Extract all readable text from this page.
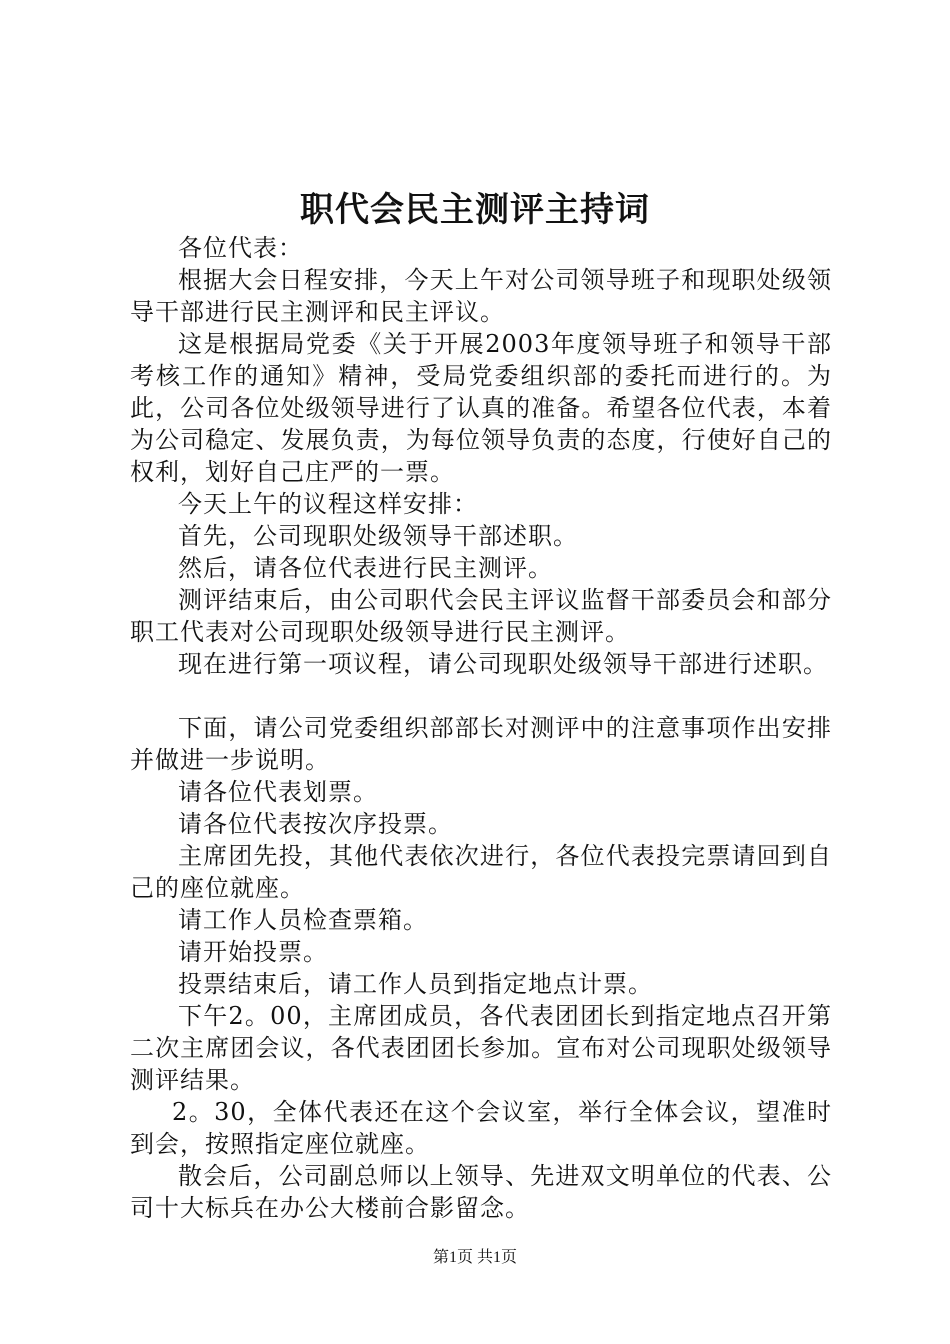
职代会民主测评主持词

各位代表：

根据大会日程安排，今天上午对公司领导班子和现职处级领导干部进行民主测评和民主评议。

这是根据局党委《关于开展2003年度领导班子和领导干部考核工作的通知》精神，受局党委组织部的委托而进行的。为此，公司各位处级领导进行了认真的准备。希望各位代表，本着为公司稳定、发展负责，为每位领导负责的态度，行使好自己的权利，划好自己庄严的一票。

今天上午的议程这样安排：

首先，公司现职处级领导干部述职。

然后，请各位代表进行民主测评。

测评结束后，由公司职代会民主评议监督干部委员会和部分职工代表对公司现职处级领导进行民主测评。

现在进行第一项议程，请公司现职处级领导干部进行述职。

下面，请公司党委组织部部长对测评中的注意事项作出安排并做进一步说明。

请各位代表划票。

请各位代表按次序投票。

主席团先投，其他代表依次进行，各位代表投完票请回到自己的座位就座。

请工作人员检查票箱。

请开始投票。

投票结束后，请工作人员到指定地点计票。

下午2。00，主席团成员，各代表团团长到指定地点召开第二次主席团会议，各代表团团长参加。宣布对公司现职处级领导测评结果。

2。30，全体代表还在这个会议室，举行全体会议，望准时到会，按照指定座位就座。

散会后，公司副总师以上领导、先进双文明单位的代表、公司十大标兵在办公大楼前合影留念。

第1页 共1页
